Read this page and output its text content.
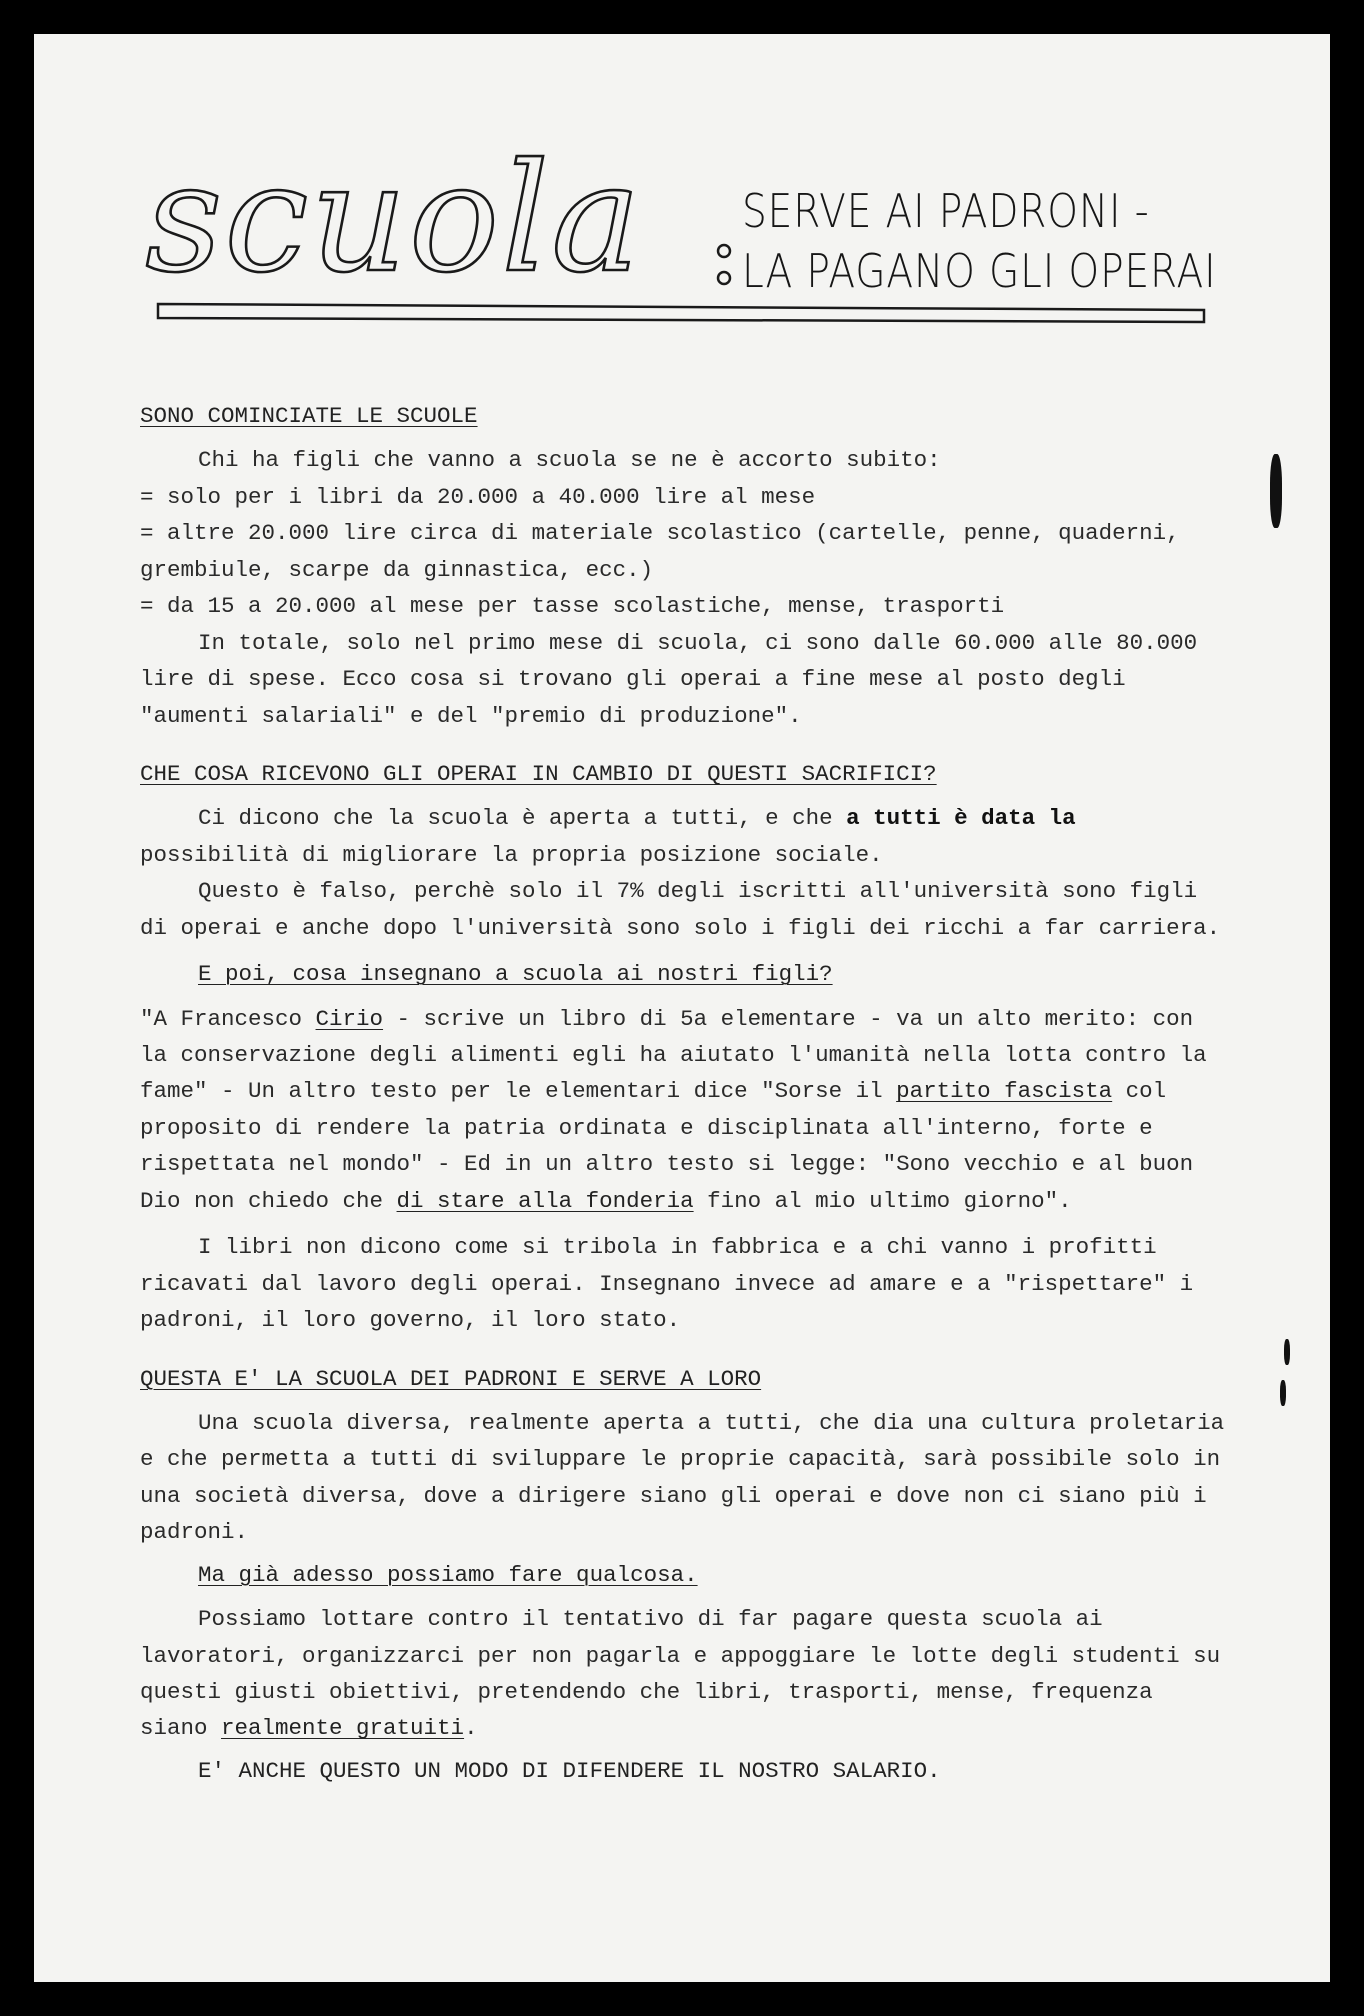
scuola SERVE AI PADRONI -
LA PAGANO GLI OPERAI

SONO COMINCIATE LE SCUOLE

Chi ha figli che vanno a scuola se ne è accorto subito:

= solo per i libri da 20.000 a 40.000 lire al mese

= altre 20.000 lire circa di materiale scolastico (cartelle, penne, quaderni, grembiule, scarpe da ginnastica, ecc.)

= da 15 a 20.000 al mese per tasse scolastiche, mense, trasporti

In totale, solo nel primo mese di scuola, ci sono dalle 60.000 alle 80.000 lire di spese. Ecco cosa si trovano gli operai a fine mese al posto degli "aumenti salariali" e del "premio di produzione".

CHE COSA RICEVONO GLI OPERAI IN CAMBIO DI QUESTI SACRIFICI?

Ci dicono che la scuola è aperta a tutti, e che a tutti è data la possibilità di migliorare la propria posizione sociale.

Questo è falso, perchè solo il 7% degli iscritti all'università sono figli di operai e anche dopo l'università sono solo i figli dei ricchi a far carriera.

E poi, cosa insegnano a scuola ai nostri figli?

"A Francesco Cirio - scrive un libro di 5a elementare - va un alto merito: con la conservazione degli alimenti egli ha aiutato l'umanità nella lotta contro la fame" - Un altro testo per le elementari dice "Sorse il partito fascista col proposito di rendere la patria ordinata e disciplinata all'interno, forte e rispettata nel mondo" - Ed in un altro testo si legge: "Sono vecchio e al buon Dio non chiedo che di stare alla fonderia fino al mio ultimo giorno".

I libri non dicono come si tribola in fabbrica e a chi vanno i profitti ricavati dal lavoro degli operai. Insegnano invece ad amare e a "rispettare" i padroni, il loro governo, il loro stato.

QUESTA E' LA SCUOLA DEI PADRONI E SERVE A LORO

Una scuola diversa, realmente aperta a tutti, che dia una cultura proletaria e che permetta a tutti di sviluppare le proprie capacità, sarà possibile solo in una società diversa, dove a dirigere siano gli operai e dove non ci siano più i padroni.

Ma già adesso possiamo fare qualcosa.

Possiamo lottare contro il tentativo di far pagare questa scuola ai lavoratori, organizzarci per non pagarla e appoggiare le lotte degli studenti su questi giusti obiettivi, pretendendo che libri, trasporti, mense, frequenza siano realmente gratuiti.

E' ANCHE QUESTO UN MODO DI DIFENDERE IL NOSTRO SALARIO.
